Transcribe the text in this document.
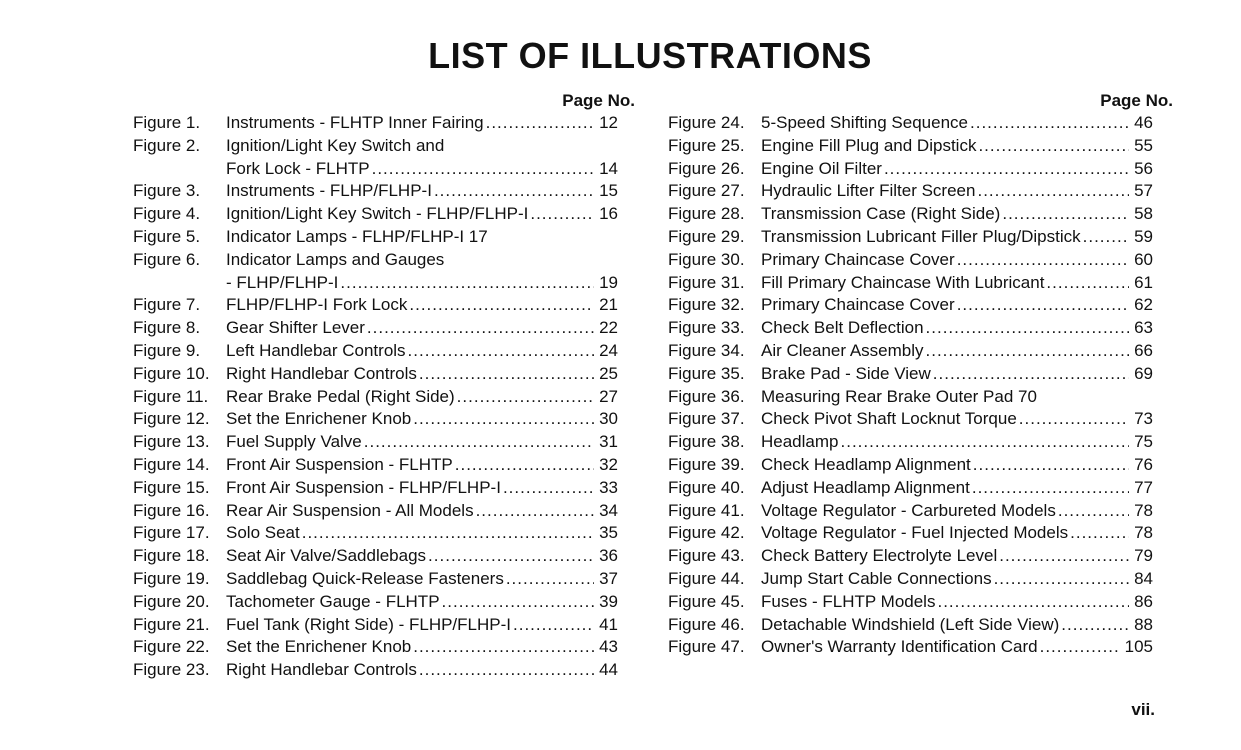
LIST OF ILLUSTRATIONS
Page No.
Figure 1.	Instruments - FLHTP Inner Fairing .....	12
Figure 2.	Ignition/Light Key Switch and
Fork Lock - FLHTP .....	14
Figure 3.	Instruments - FLHP/FLHP-I .....	15
Figure 4.	Ignition/Light Key Switch - FLHP/FLHP-I .....	16
Figure 5.	Indicator Lamps - FLHP/FLHP-I 17
Figure 6.	Indicator Lamps and Gauges
- FLHP/FLHP-I .....	19
Figure 7.	FLHP/FLHP-I Fork Lock .....	21
Figure 8.	Gear Shifter Lever .....	22
Figure 9.	Left Handlebar Controls .....	24
Figure 10. Right Handlebar Controls .....	25
Figure 11.	Rear Brake Pedal (Right Side) .....	27
Figure 12. Set the Enrichener Knob .....	30
Figure 13. Fuel Supply Valve .....	31
Figure 14. Front Air Suspension - FLHTP .....	32
Figure 15. Front Air Suspension - FLHP/FLHP-I .....	33
Figure 16. Rear Air Suspension - All Models .....	34
Figure 17. Solo Seat .....	35
Figure 18. Seat Air Valve/Saddlebags .....	36
Figure 19. Saddlebag Quick-Release Fasteners .....	37
Figure 20. Tachometer Gauge - FLHTP .....	39
Figure 21. Fuel Tank (Right Side) - FLHP/FLHP-I .....	41
Figure 22. Set the Enrichener Knob .....	43
Figure 23. Right Handlebar Controls .....	44
Page No.
Figure 24. 5-Speed Shifting Sequence .....	46
Figure 25. Engine Fill Plug and Dipstick .....	55
Figure 26. Engine Oil Filter .....	56
Figure 27. Hydraulic Lifter Filter Screen .....	57
Figure 28. Transmission Case (Right Side) .....	58
Figure 29. Transmission Lubricant Filler Plug/Dipstick .....	59
Figure 30. Primary Chaincase Cover .....	60
Figure 31. Fill Primary Chaincase With Lubricant .....	61
Figure 32. Primary Chaincase Cover .....	62
Figure 33. Check Belt Deflection .....	63
Figure 34. Air Cleaner Assembly .....	66
Figure 35. Brake Pad - Side View .....	69
Figure 36. Measuring Rear Brake Outer Pad 70
Figure 37. Check Pivot Shaft Locknut Torque .....	73
Figure 38. Headlamp .....	75
Figure 39. Check Headlamp Alignment .....	76
Figure 40. Adjust Headlamp Alignment .....	77
Figure 41. Voltage Regulator - Carbureted Models .....	78
Figure 42. Voltage Regulator - Fuel Injected Models .....	78
Figure 43. Check Battery Electrolyte Level .....	79
Figure 44. Jump Start Cable Connections .....	84
Figure 45. Fuses - FLHTP Models .....	86
Figure 46. Detachable Windshield (Left Side View) .....	88
Figure 47. Owner's Warranty Identification Card .....	105
vii.
